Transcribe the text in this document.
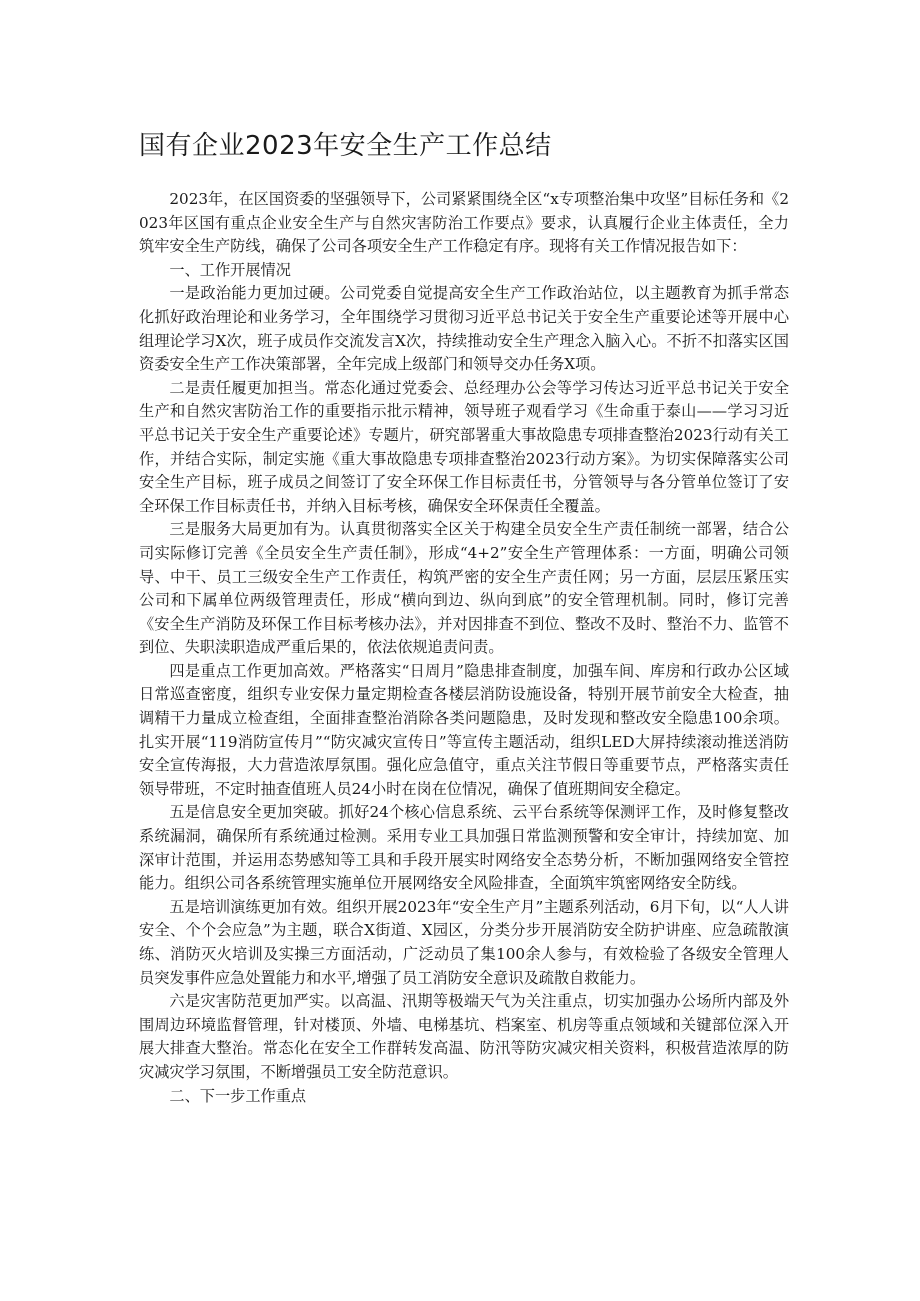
国有企业2023年安全生产工作总结

2023年，在区国资委的坚强领导下，公司紧紧围绕全区“x专项整治集中攻坚”目标任务和《2023年区国有重点企业安全生产与自然灾害防治工作要点》要求，认真履行企业主体责任，全力筑牢安全生产防线，确保了公司各项安全生产工作稳定有序。现将有关工作情况报告如下：

一、工作开展情况

一是政治能力更加过硬。公司党委自觉提高安全生产工作政治站位，以主题教育为抓手常态化抓好政治理论和业务学习，全年围绕学习贯彻习近平总书记关于安全生产重要论述等开展中心组理论学习X次，班子成员作交流发言X次，持续推动安全生产理念入脑入心。不折不扣落实区国资委安全生产工作决策部署，全年完成上级部门和领导交办任务X项。

二是责任履更加担当。常态化通过党委会、总经理办公会等学习传达习近平总书记关于安全生产和自然灾害防治工作的重要指示批示精神，领导班子观看学习《生命重于泰山——学习习近平总书记关于安全生产重要论述》专题片，研究部署重大事故隐患专项排查整治2023行动有关工作，并结合实际，制定实施《重大事故隐患专项排查整治2023行动方案》。为切实保障落实公司安全生产目标，班子成员之间签订了安全环保工作目标责任书，分管领导与各分管单位签订了安全环保工作目标责任书，并纳入目标考核，确保安全环保责任全覆盖。

三是服务大局更加有为。认真贯彻落实全区关于构建全员安全生产责任制统一部署，结合公司实际修订完善《全员安全生产责任制》，形成“4+2”安全生产管理体系：一方面，明确公司领导、中干、员工三级安全生产工作责任，构筑严密的安全生产责任网；另一方面，层层压紧压实公司和下属单位两级管理责任，形成“横向到边、纵向到底”的安全管理机制。同时，修订完善《安全生产消防及环保工作目标考核办法》，并对因排查不到位、整改不及时、整治不力、监管不到位、失职渎职造成严重后果的，依法依规追责问责。

四是重点工作更加高效。严格落实“日周月”隐患排查制度，加强车间、库房和行政办公区域日常巡查密度，组织专业安保力量定期检查各楼层消防设施设备，特别开展节前安全大检查，抽调精干力量成立检查组，全面排查整治消除各类问题隐患，及时发现和整改安全隐患100余项。扎实开展“119消防宣传月”“防灾减灾宣传日”等宣传主题活动，组织LED大屏持续滚动推送消防安全宣传海报，大力营造浓厚氛围。强化应急值守，重点关注节假日等重要节点，严格落实责任领导带班，不定时抽查值班人员24小时在岗在位情况，确保了值班期间安全稳定。

五是信息安全更加突破。抓好24个核心信息系统、云平台系统等保测评工作，及时修复整改系统漏洞，确保所有系统通过检测。采用专业工具加强日常监测预警和安全审计，持续加宽、加深审计范围，并运用态势感知等工具和手段开展实时网络安全态势分析，不断加强网络安全管控能力。组织公司各系统管理实施单位开展网络安全风险排查，全面筑牢筑密网络安全防线。

五是培训演练更加有效。组织开展2023年“安全生产月”主题系列活动，6月下旬，以“人人讲安全、个个会应急”为主题，联合X街道、X园区，分类分步开展消防安全防护讲座、应急疏散演练、消防灭火培训及实操三方面活动，广泛动员了集100余人参与，有效检验了各级安全管理人员突发事件应急处置能力和水平,增强了员工消防安全意识及疏散自救能力。

六是灾害防范更加严实。以高温、汛期等极端天气为关注重点，切实加强办公场所内部及外围周边环境监督管理，针对楼顶、外墙、电梯基坑、档案室、机房等重点领域和关键部位深入开展大排查大整治。常态化在安全工作群转发高温、防汛等防灾减灾相关资料，积极营造浓厚的防灾减灾学习氛围，不断增强员工安全防范意识。

二、下一步工作重点
